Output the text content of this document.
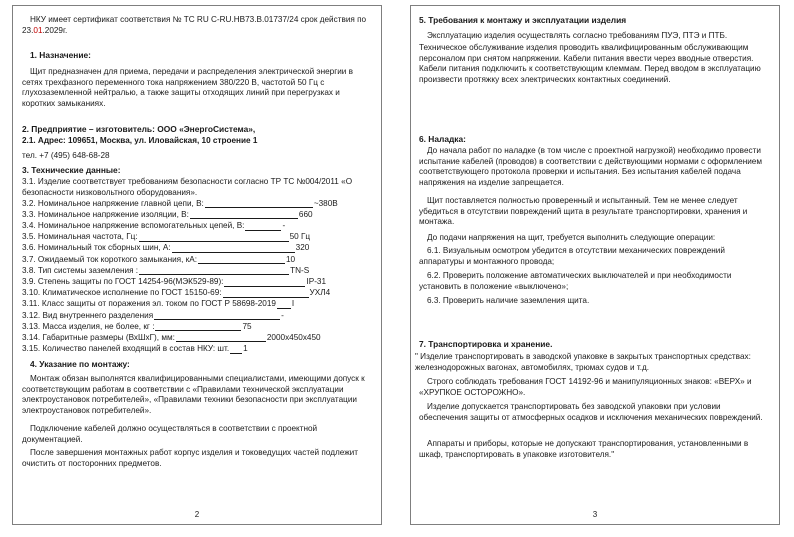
НКУ имеет сертификат соответствия № ТС RU C-RU.НВ73.В.01737/24 срок действия по 23.01.2029г.
1. Назначение:

Щит предназначен для приема, передачи и распределения электрической энергии в сетях трехфазного переменного тока напряжением 380/220 В, частотой 50 Гц с глухозаземленной нейтралью, а также защиты отходящих линий при перегрузках и коротких замыканиях.

2. Предприятие – изготовитель: ООО «ЭнергоСистема»,

2.1. Адрес: 109651, Москва, ул. Иловайская, 10 строение 1

тел. +7 (495) 648-68-28

3. Технические данные:

3.1. Изделие соответствует требованиям безопасности согласно ТР ТС №004/2011 «О безопасности низковольтного оборудования».

3.2. Номинальное напряжение главной цепи, В:	~380В
3.3. Номинальное напряжение изоляции, В:	660
3.4. Номинальное напряжение вспомогательных цепей, В:	-
3.5. Номинальная частота, Гц:	50 Гц
3.6. Номинальный ток сборных шин, А:	320
3.7. Ожидаемый ток короткого замыкания, кА:	10
3.8. Тип системы заземления :	TN-S
3.9. Степень защиты по ГОСТ 14254-96(МЭК529-89):	IP-31
3.10. Климатическое исполнение по ГОСТ 15150-69:	УХЛ4
3.11. Класс защиты от поражения эл. током по ГОСТ Р 58698-2019 I
3.12. Вид внутреннего разделения	-
3.13. Масса изделия, не более, кг :	75
3.14. Габаритные размеры (ВхШхГ), мм:	2000x450x450
3.15. Количество панелей входящий в состав НКУ: шт. 1
4. Указание по монтажу:

Монтаж обязан выполнятся квалифицированными специалистами, имеющими допуск к соответствующим работам в соответствии с «Правилами технической эксплуатации электроустановок потребителей», «Правилами техники безопасности при эксплуатации электроустановок потребителей».

Подключение кабелей должно осуществляться в соответствии с проектной документацией.

После завершения монтажных работ корпус изделия и токоведущих частей подлежит очистить от посторонних предметов.

2
5. Требования к монтажу и эксплуатации изделия

Эксплуатацию изделия осуществлять согласно требованиям ПУЭ, ПТЭ и ПТБ.

Техническое обслуживание изделия проводить квалифицированным обслуживающим персоналом при снятом напряжении. Кабели питания ввести через вводные отверстия. Кабели питания подключить к соответствующим клеммам. Перед вводом в эксплуатацию произвести протяжку всех электрических контактных соединений.

6. Наладка:

До начала работ по наладке (в том числе с проектной нагрузкой) необходимо провести испытание кабелей (проводов) в соответствии с действующими нормами с оформлением соответствующего протокола проверки и испытания. Без испытания кабелей подача напряжения на изделие запрещается.

Щит поставляется полностью проверенный и испытанный. Тем не менее следует убедиться в отсутствии повреждений щита в результате транспортировки, хранения и монтажа.

До подачи напряжения на щит, требуется выполнить следующие операции:

6.1. Визуальным осмотром убедится в отсутствии механических повреждений аппаратуры и монтажного провода;

6.2. Проверить положение автоматических выключателей и при необходимости установить в положение «выключено»;

6.3. Проверить наличие заземления щита.

7. Транспортировка и хранение.

" Изделие транспортировать в заводской упаковке в закрытых транспортных средствах: железнодорожных вагонах, автомобилях, трюмах судов и т.д.

Строго соблюдать требования ГОСТ 14192-96 и манипуляционных знаков: «ВЕРХ» и «ХРУПКОЕ ОСТОРОЖНО».

Изделие допускается транспортировать без заводской упаковки при условии обеспечения защиты от атмосферных осадков и исключения механических повреждений.

Аппараты и приборы, которые не допускают транспортирования, установленными в шкаф, транспортировать в упаковке изготовителя."

3
